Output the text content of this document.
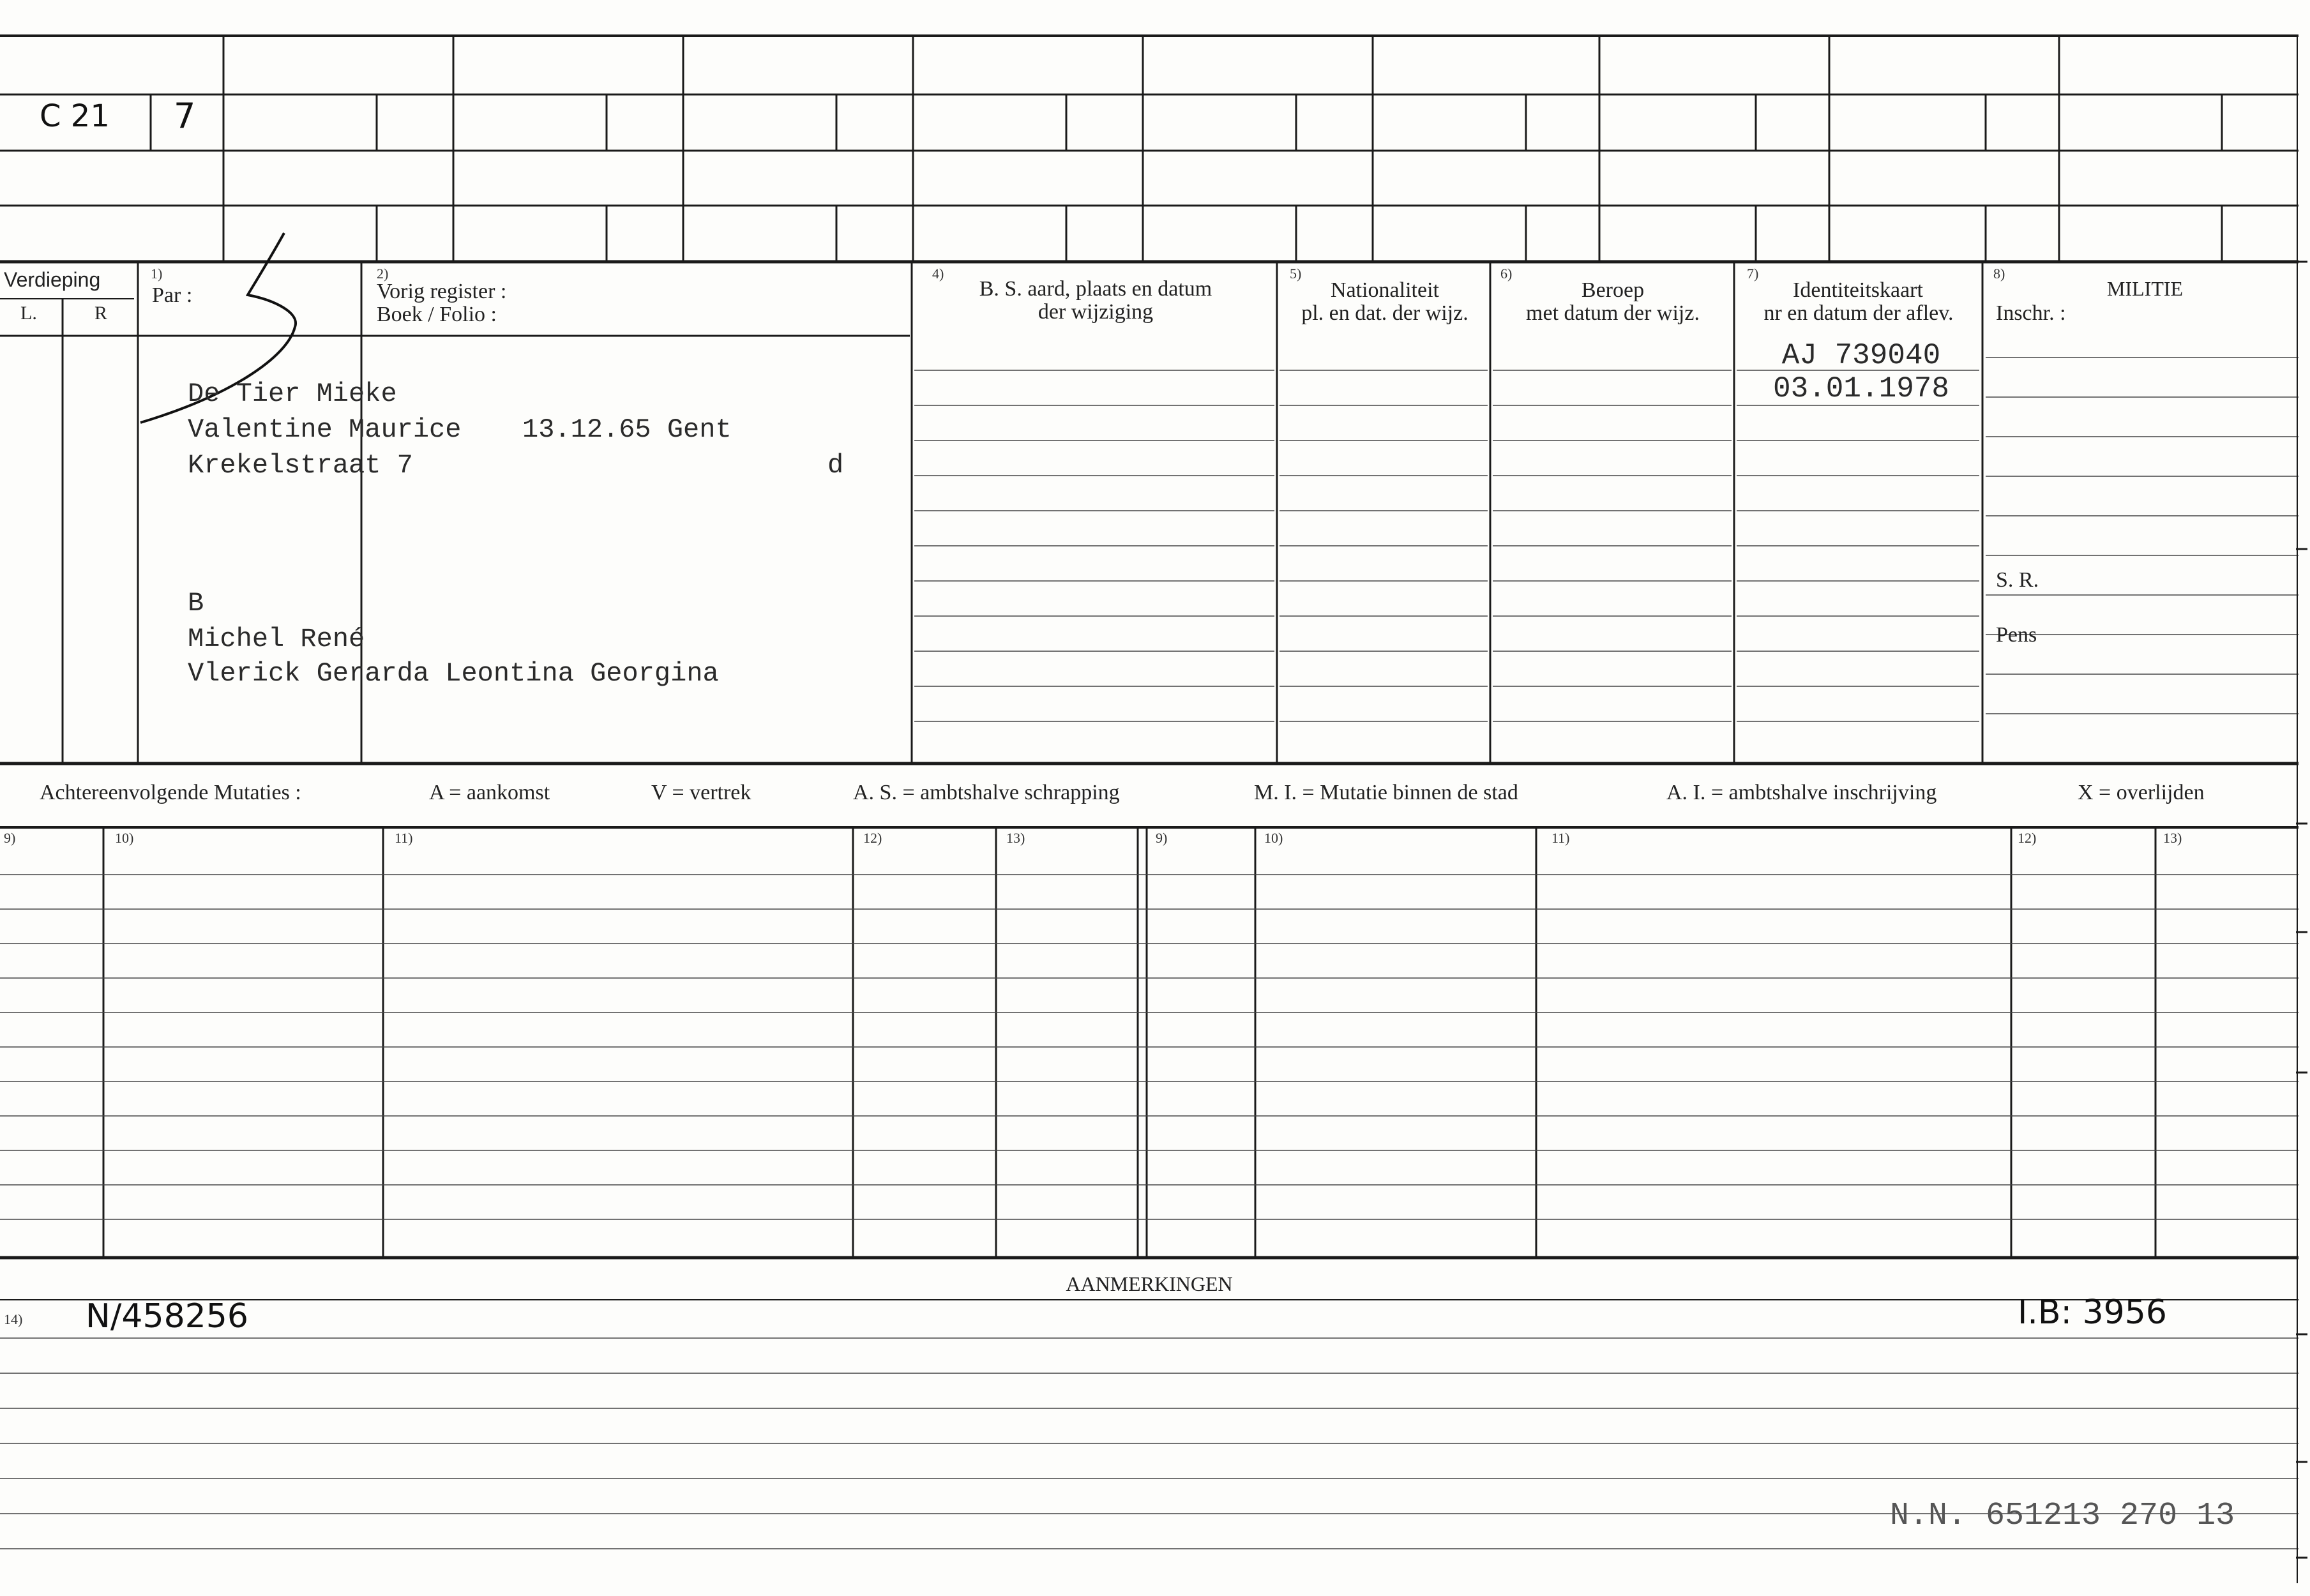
C 21 7
Verdieping
L.	R
1)
Par :
2)
Vorig register :
Boek / Folio :
4)
B. S. aard, plaats en datum
der wijziging
5)
Nationaliteit
pl. en dat. der wijz.
6)
Beroep
met datum der wijz.
7)
Identiteitskaart
nr en datum der aflev.
8)
MILITIE
Inschr. :
S. R.
Pens
De Tier Mieke
Valentine Maurice 13.12.65 Gent
Krekelstraat 7	d
B
Michel René
Vlerick Gerarda Leontina Georgina
AJ 739040
03.01.1978
Achtereenvolgende Mutaties :	A = aankomst	V = vertrek	A. S. = ambtshalve schrapping	M. I. = Mutatie binnen de stad	A. I. = ambtshalve inschrijving	X = overlijden
9)	10)	11)	12)	13)	9)	10)	11)	12)	13)
AANMERKINGEN
14) N/458256	I.B: 3956
N.N. 651213 270 13
